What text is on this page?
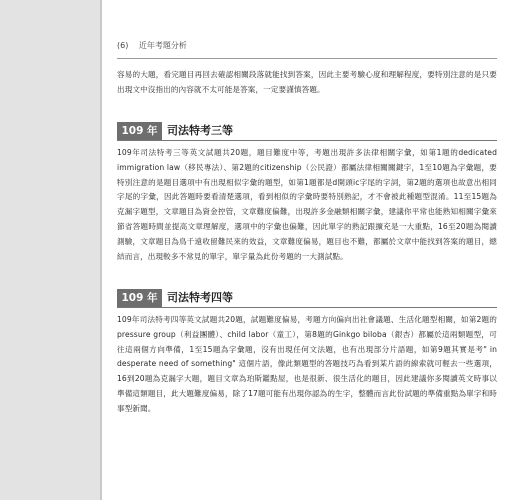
(6) 近年考題分析

容易的大題，看完題目再回去確認相關段落就能找到答案，因此主要考驗心度和理解程度，要特別注意的是只要出現文中沒指出的內容就不太可能是答案，一定要謹慎答題。

109 年 司法特考三等

109年司法特考三等英文試題共20題，題目難度中等，考題出現許多法律相關字彙，如第1題的dedicated immigration law（移民專法）、第2題的citizenship（公民證）都屬法律相關關鍵字，1至10題為字彙題，要特別注意的是題目選項中有出現相似字彙的題型，如第1題都是d開頭ic字尾的字詞，第2題的選項也故意出相同字尾的字彙，因此答題時要看清楚選項，看到相似的字彙時要特別熟記，才不會被此種題型混淆。11至15題為克漏字題型，文章題目為資金控管，文章難度偏難，出現許多金融類相關字彙，建議你平常也能熟知相關字彙來節省答題時間並提高文章理解度，選項中的字彙也偏難，因此單字的熟記跟擴充是一大重點，16至20題為閱讀測驗，文章題目為鳥千遠收留難民來的效益，文章難度偏易，題目也不難，都屬於文章中能找到答案的題目，總結而言，出現較多不常見的單字，單字量為此份考題的一大測試點。

109 年 司法特考四等

109年司法特考四等英文試題共20題，試題難度偏易，考題方向偏向出社會議題、生活化題型相關，如第2題的pressure group（利益團體）、child labor（童工），第8題的Ginkgo biloba（銀杏）都屬於這兩類題型，可往這兩個方向準備，1至15題為字彙題，沒有出現任何文法題，也有出現部分片語題，如第9題其實是考" in desperate need of something" 這個片語，像此類題型的答題技巧為看到某片語的線索就可輕去一些選項，16到20題為克漏字大題，題目文章為珀斯鑑點屋，也是很新、很生活化的題目，因此建議你多閱讀英文時事以準備這類題目，此大題難度偏易，除了17題可能有出現你認為的生字，整體而言此份試題的準備重點為單字和時事型新聞。
